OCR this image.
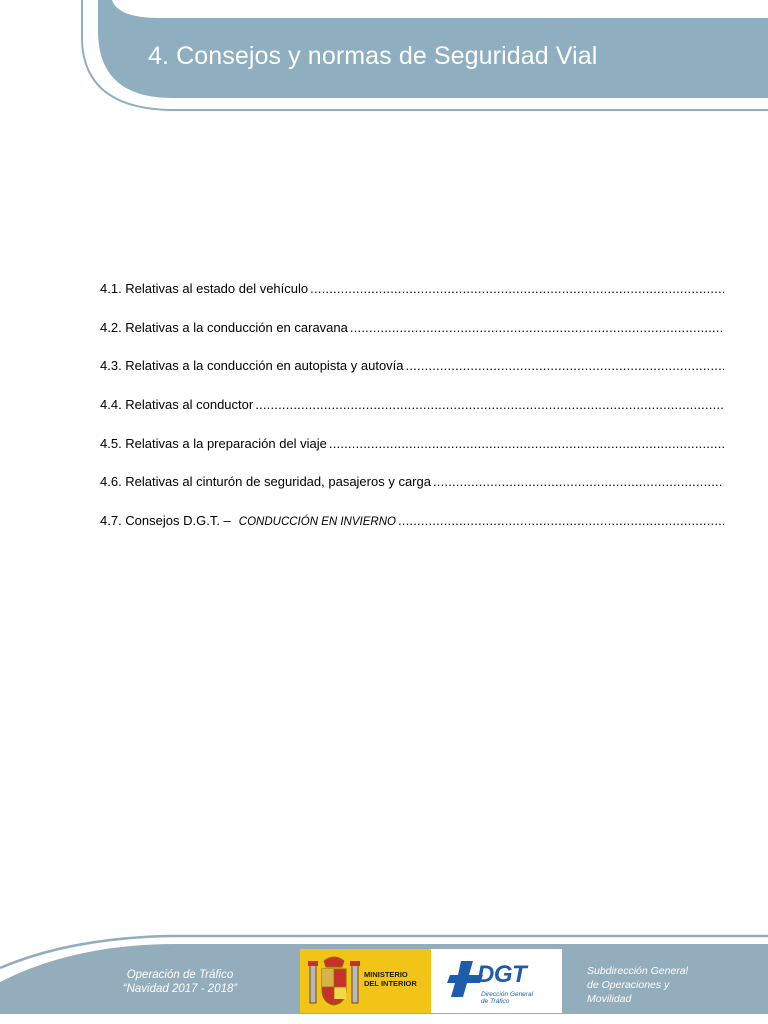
4. Consejos y normas de Seguridad Vial
4.1. Relativas al estado del vehículo
.....
4.2. Relativas a la conducción en caravana
.....
4.3. Relativas a la conducción en autopista y autovía
.....
4.4. Relativas al conductor
.....
4.5. Relativas a la preparación del viaje
.....
4.6. Relativas al cinturón de seguridad, pasajeros y carga
.....
4.7. Consejos D.G.T. – CONDUCCIÓN EN INVIERNO
.....
Operación de Tráfico
“Navidad 2017 - 2018”
MINISTERIO
DEL INTERIOR	DGT
Dirección General
de Tráfico
Subdirección General
de Operaciones y
Movilidad
